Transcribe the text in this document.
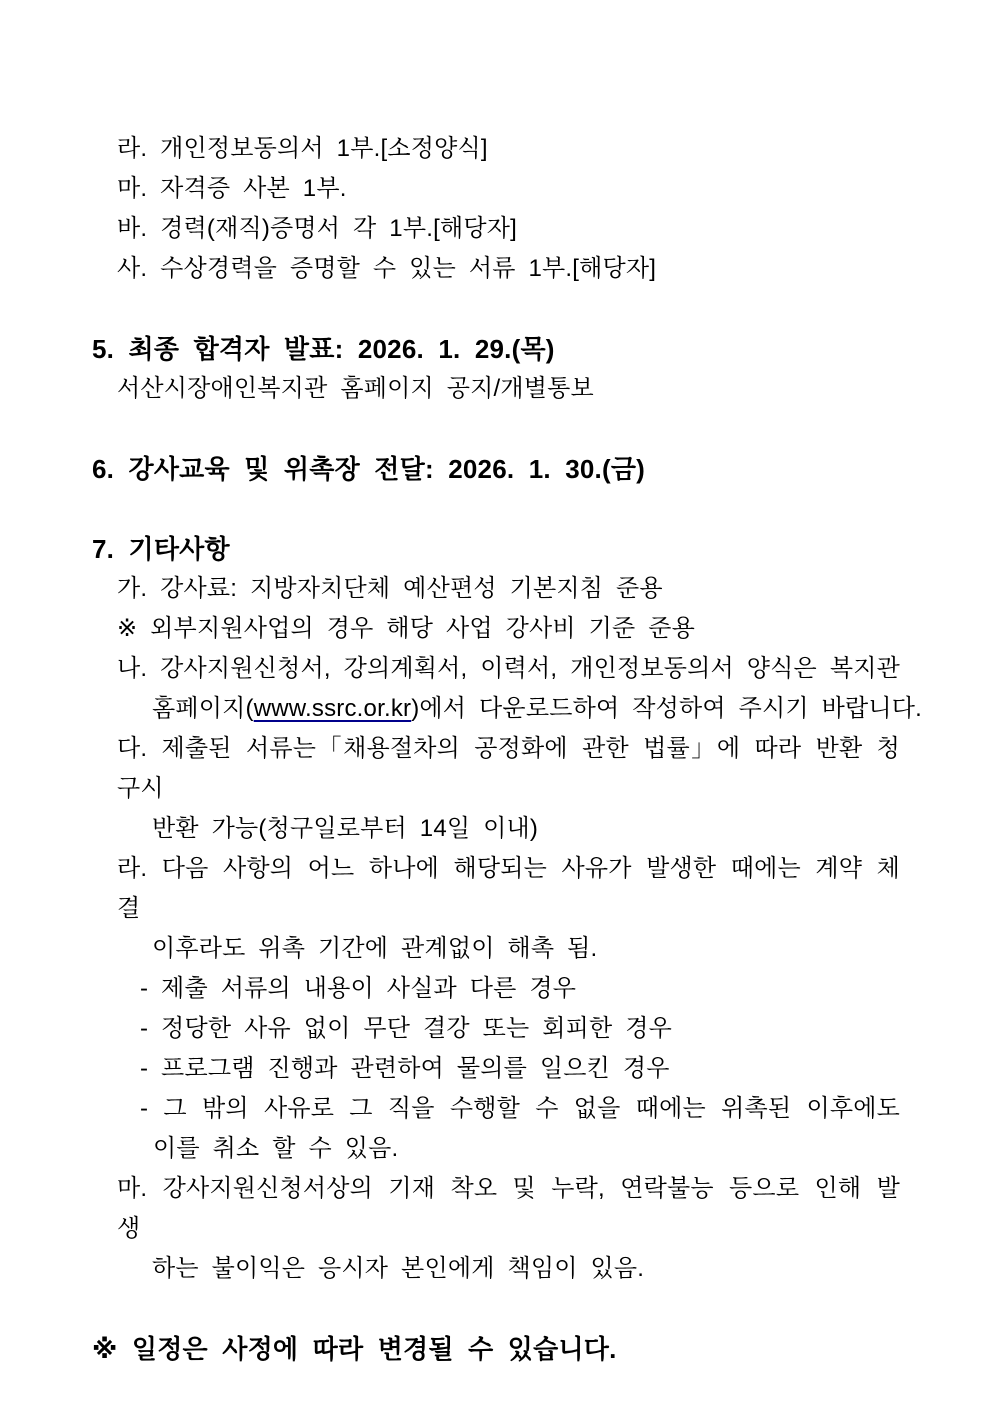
라. 개인정보동의서 1부.[소정양식]
마. 자격증 사본 1부.
바. 경력(재직)증명서 각 1부.[해당자]
사. 수상경력을 증명할 수 있는 서류 1부.[해당자]
5. 최종 합격자 발표: 2026. 1. 29.(목)
서산시장애인복지관 홈페이지 공지/개별통보
6. 강사교육 및 위촉장 전달: 2026. 1. 30.(금)
7. 기타사항
가. 강사료: 지방자치단체 예산편성 기본지침 준용
※ 외부지원사업의 경우 해당 사업 강사비 기준 준용
나. 강사지원신청서, 강의계획서, 이력서, 개인정보동의서 양식은 복지관
홈페이지(www.ssrc.or.kr)에서 다운로드하여 작성하여 주시기 바랍니다.
다. 제출된 서류는「채용절차의 공정화에 관한 법률」에 따라 반환 청구시
반환 가능(청구일로부터 14일 이내)
라. 다음 사항의 어느 하나에 해당되는 사유가 발생한 때에는 계약 체결
이후라도 위촉 기간에 관계없이 해촉 됨.
- 제출 서류의 내용이 사실과 다른 경우
- 정당한 사유 없이 무단 결강 또는 회피한 경우
- 프로그램 진행과 관련하여 물의를 일으킨 경우
- 그 밖의 사유로 그 직을 수행할 수 없을 때에는 위촉된 이후에도
이를 취소 할 수 있음.
마. 강사지원신청서상의 기재 착오 및 누락, 연락불능 등으로 인해 발생
하는 불이익은 응시자 본인에게 책임이 있음.
※ 일정은 사정에 따라 변경될 수 있습니다.
